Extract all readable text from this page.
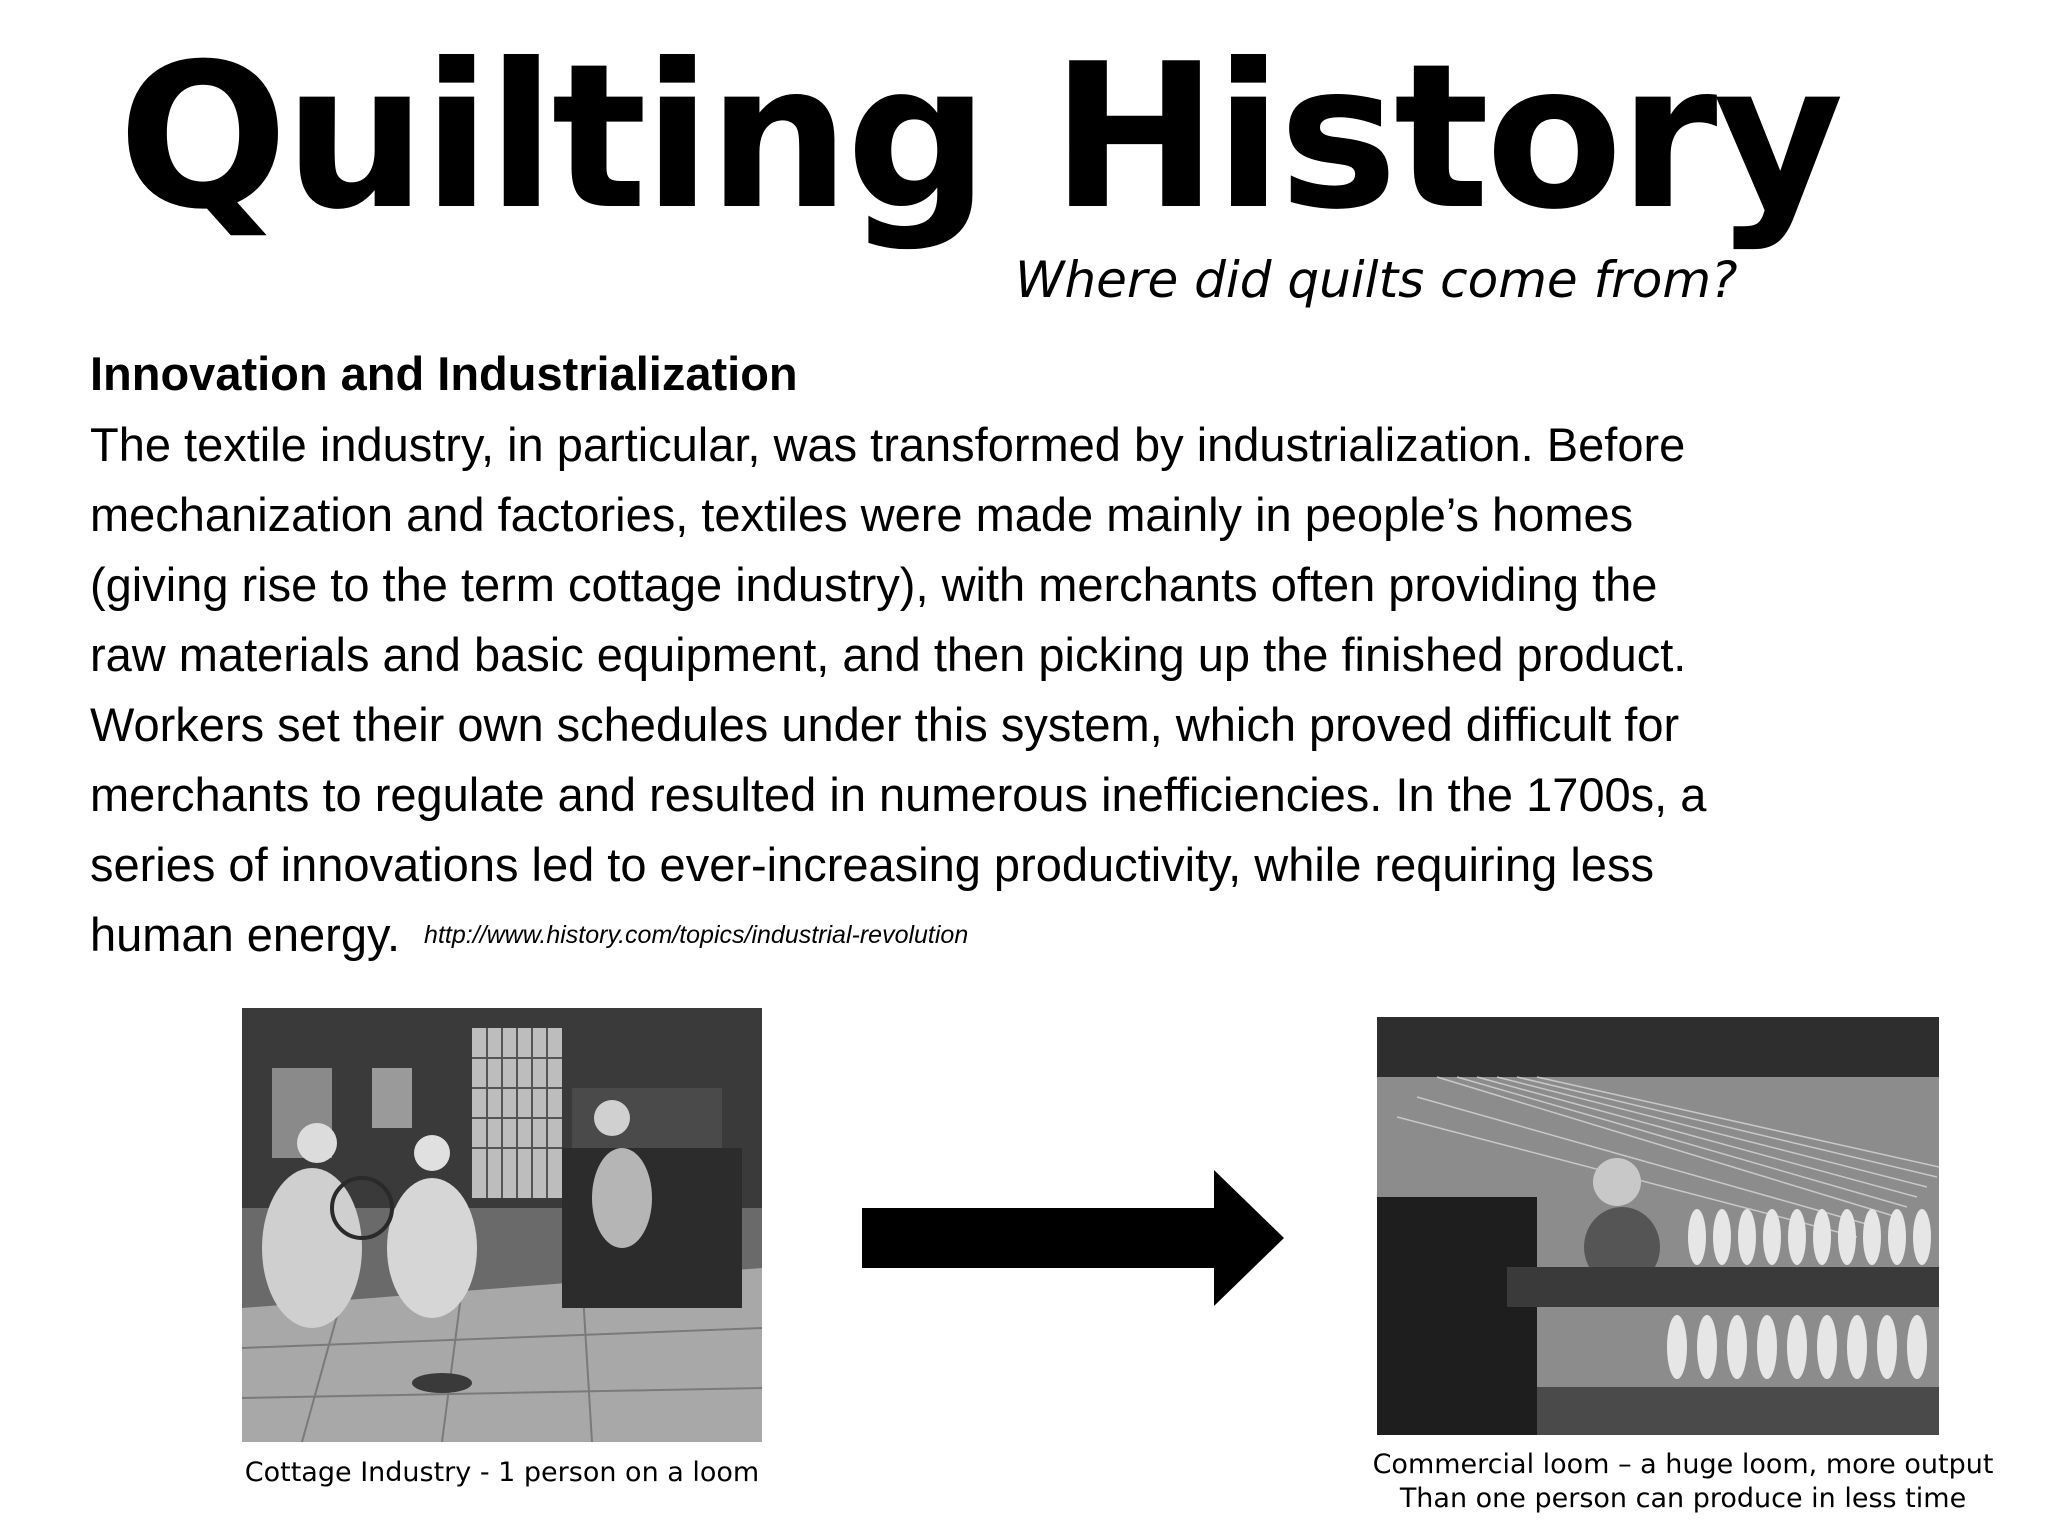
Quilting History

Where did quilts come from?

Innovation and Industrialization
The textile industry, in particular, was transformed by industrialization. Before
mechanization and factories, textiles were made mainly in people’s homes
(giving rise to the term cottage industry), with merchants often providing the
raw materials and basic equipment, and then picking up the finished product.
Workers set their own schedules under this system, which proved difficult for
merchants to regulate and resulted in numerous inefficiencies. In the 1700s, a
series of innovations led to ever-increasing productivity, while requiring less
human energy. http://www.history.com/topics/industrial-revolution

Cottage Industry - 1 person on a loom	Commercial loom – a huge loom, more output
Than one person can produce in less time
